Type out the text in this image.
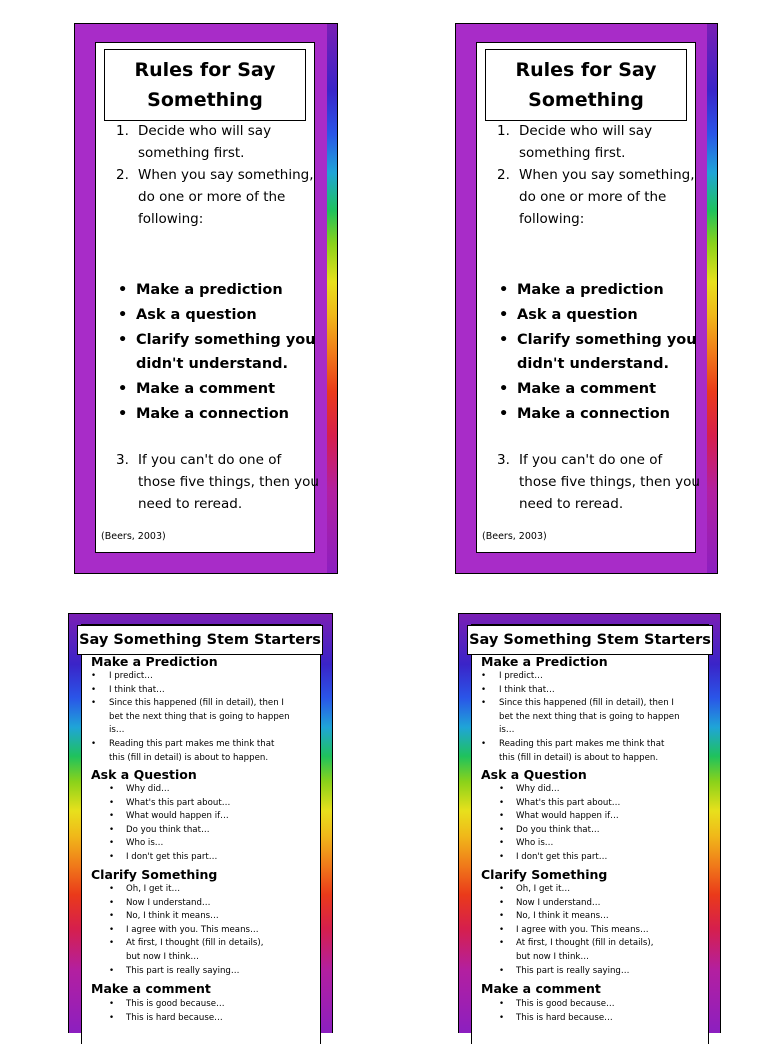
Rules for Say
Something
1. Decide who will say
something first.
2. When you say something,
do one or more of the
following:
• Make a prediction
• Ask a question
• Clarify something you
didn't understand.
• Make a comment
• Make a connection
3. If you can't do one of
those five things, then you
need to reread.
(Beers, 2003)
Rules for Say
Something
1. Decide who will say
something first.
2. When you say something,
do one or more of the
following:
• Make a prediction
• Ask a question
• Clarify something you
didn't understand.
• Make a comment
• Make a connection
3. If you can't do one of
those five things, then you
need to reread.
(Beers, 2003)
Say Something Stem Starters
Make a Prediction
• I predict…
• I think that…
• Since this happened (fill in detail), then I
bet the next thing that is going to happen
is…
• Reading this part makes me think that
this (fill in detail) is about to happen.
Ask a Question
• Why did…
• What's this part about…
• What would happen if…
• Do you think that…
• Who is…
• I don't get this part…
Clarify Something
• Oh, I get it…
• Now I understand…
• No, I think it means…
• I agree with you. This means…
• At first, I thought (fill in details),
but now I think…
• This part is really saying…
Make a comment
• This is good because…
• This is hard because…
Say Something Stem Starters
Make a Prediction
• I predict…
• I think that…
• Since this happened (fill in detail), then I
bet the next thing that is going to happen
is…
• Reading this part makes me think that
this (fill in detail) is about to happen.
Ask a Question
• Why did…
• What's this part about…
• What would happen if…
• Do you think that…
• Who is…
• I don't get this part…
Clarify Something
• Oh, I get it…
• Now I understand…
• No, I think it means…
• I agree with you. This means…
• At first, I thought (fill in details),
but now I think…
• This part is really saying…
Make a comment
• This is good because…
• This is hard because…
